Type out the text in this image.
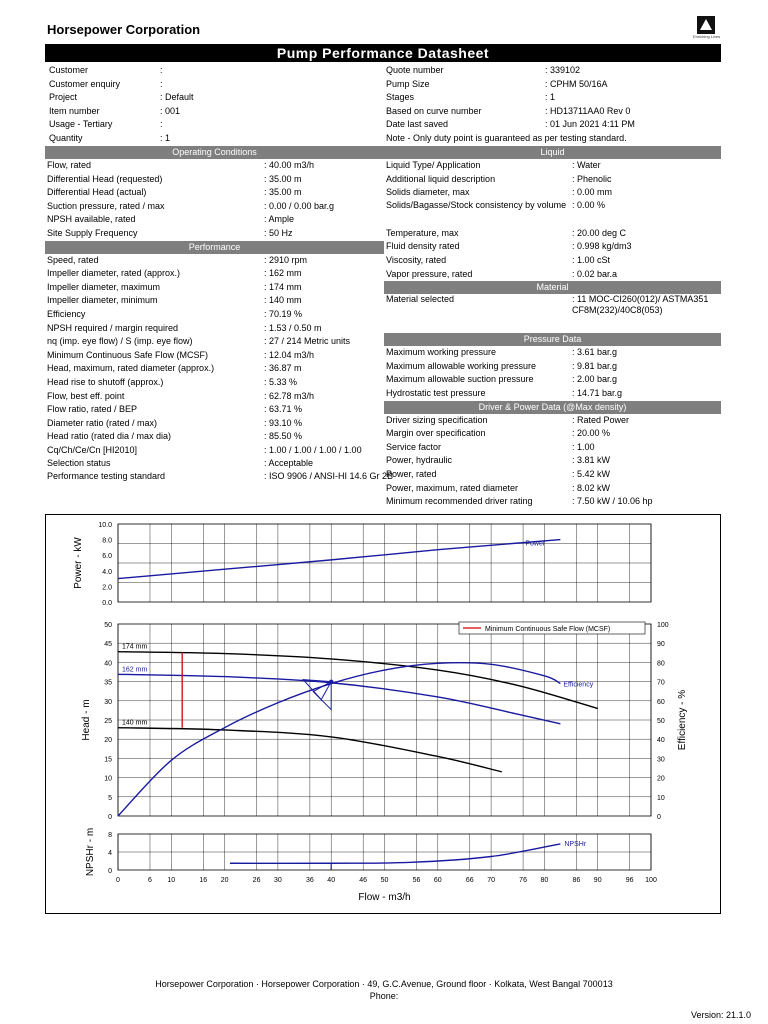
Horsepower Corporation	Enriching Lives
Pump Performance Datasheet
Customer	:
Customer enquiry	:
Project	: Default
Item number	: 001
Usage - Tertiary	:
Quantity	: 1
Quote number	: 339102
Pump Size	: CPHM 50/16A
Stages	: 1
Based on curve number	: HD13711AA0 Rev 0
Date last saved	: 01 Jun 2021 4:11 PM
Note - Only duty point is guaranteed as per testing standard.
Operating Conditions
Flow, rated	: 40.00 m3/h
Differential Head (requested)	: 35.00 m
Differential Head (actual)	: 35.00 m
Suction pressure, rated / max	: 0.00 / 0.00 bar.g
NPSH available, rated	: Ample
Site Supply Frequency	: 50 Hz
Performance
Speed, rated	: 2910 rpm
Impeller diameter, rated (approx.)	: 162 mm
Impeller diameter, maximum	: 174 mm
Impeller diameter, minimum	: 140 mm
Efficiency	: 70.19 %
NPSH required / margin required	: 1.53 / 0.50 m
nq (imp. eye flow) / S (imp. eye flow)	: 27 / 214 Metric units
Minimum Continuous Safe Flow (MCSF)	: 12.04 m3/h
Head, maximum, rated diameter (approx.)	: 36.87 m
Head rise to shutoff (approx.)	: 5.33 %
Flow, best eff. point	: 62.78 m3/h
Flow ratio, rated / BEP	: 63.71 %
Diameter ratio (rated / max)	: 93.10 %
Head ratio (rated dia / max dia)	: 85.50 %
Cq/Ch/Ce/Cn [HI2010]	: 1.00 / 1.00 / 1.00 / 1.00
Selection status	: Acceptable
Performance testing standard	: ISO 9906 / ANSI-HI 14.6 Gr 2B
Liquid
Liquid Type/ Application	: Water
Additional liquid description	: Phenolic
Solids diameter, max	: 0.00 mm
Solids/Bagasse/Stock consistency by volume : 0.00 %
Temperature, max	: 20.00 deg C
Fluid density rated	: 0.998 kg/dm3
Viscosity, rated	: 1.00 cSt
Vapor pressure, rated	: 0.02 bar.a
Material
Material selected	: 11 MOC-CI260(012)/ ASTMA351 CF8M(232)/40C8(053)
Pressure Data
Maximum working pressure	: 3.61 bar.g
Maximum allowable working pressure	: 9.81 bar.g
Maximum allowable suction pressure	: 2.00 bar.g
Hydrostatic test pressure	: 14.71 bar.g
Driver & Power Data (@Max density)
Driver sizing specification	: Rated Power
Margin over specification	: 20.00 %
Service factor	: 1.00
Power, hydraulic	: 3.81 kW
Power, rated	: 5.42 kW
Power, maximum, rated diameter	: 8.02 kW
Minimum recommended driver rating	: 7.50 kW / 10.06 hp
10.0
8.0
6.0
4.0
2.0
0.0
Power - kW	Power
50
45
40
35
30
25
20
15
10
5
0
100
90
80
70
60
50
40
30
20
10
0
Head - m	Efficiency - %
Minimum Continuous Safe Flow (MCSF)
Efficiency
174 mm
162 mm
140 mm
8
4
0
NPSHr - m	NPSHr
0	6 10	16 20	26 30	36 40	46 50	56 60	66 70	76 80	86 90	96 100
Flow - m3/h
Horsepower Corporation · Horsepower Corporation · 49, G.C.Avenue, Ground floor · Kolkata, West Bangal 700013
Phone:
Version: 21.1.0
